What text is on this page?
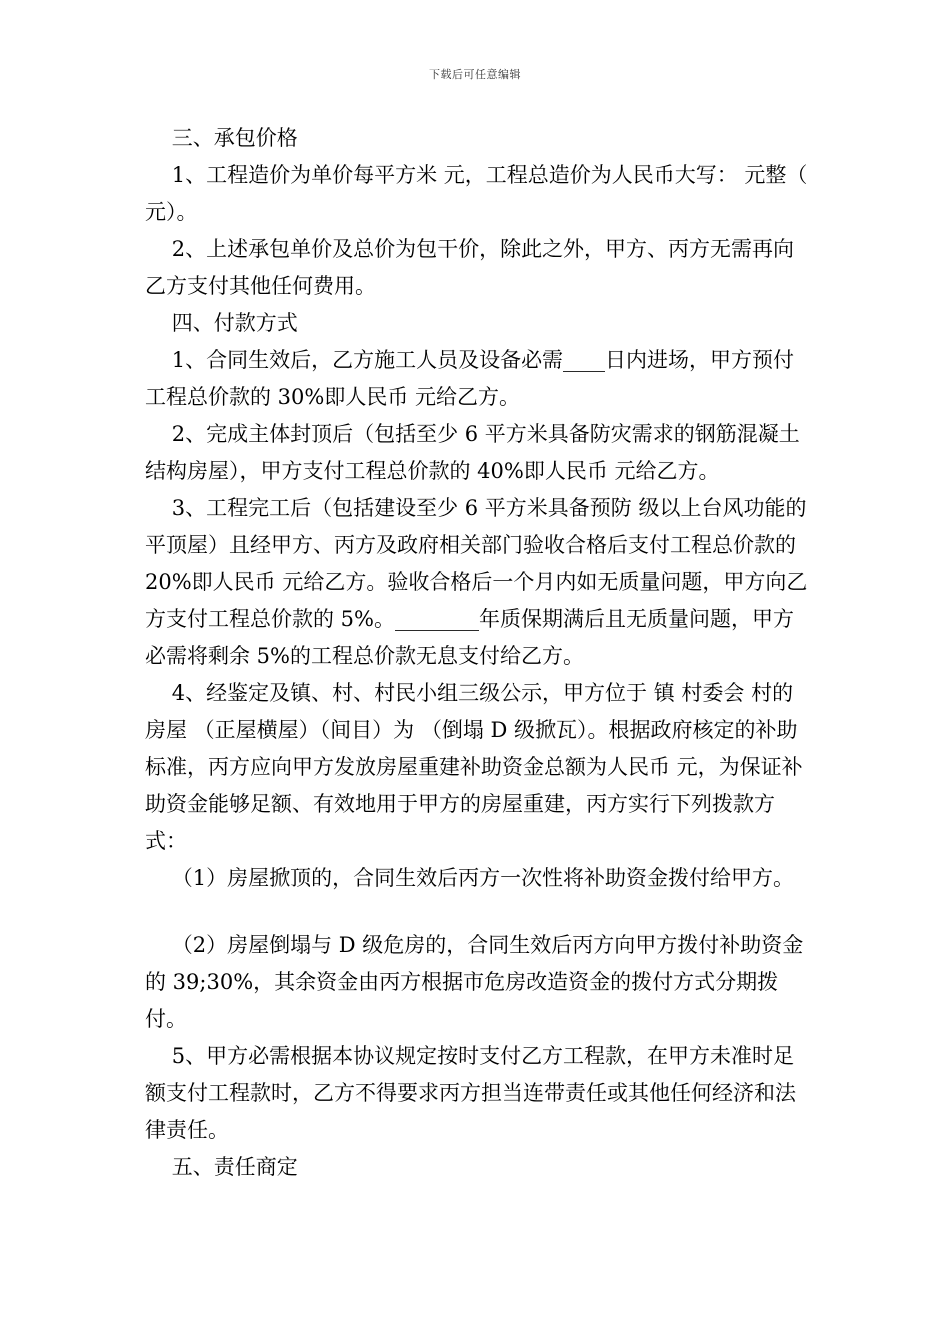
下载后可任意编辑

三、承包价格

1、工程造价为单价每平方米 元，工程总造价为人民币大写： 元整（ 元）。

2、上述承包单价及总价为包干价，除此之外，甲方、丙方无需再向乙方支付其他任何费用。

四、付款方式

1、合同生效后，乙方施工人员及设备必需____日内进场，甲方预付工程总价款的 30%即人民币 元给乙方。

2、完成主体封顶后（包括至少 6 平方米具备防灾需求的钢筋混凝土结构房屋），甲方支付工程总价款的 40%即人民币 元给乙方。

3、工程完工后（包括建设至少 6 平方米具备预防 级以上台风功能的平顶屋）且经甲方、丙方及政府相关部门验收合格后支付工程总价款的 20%即人民币 元给乙方。验收合格后一个月内如无质量问题，甲方向乙方支付工程总价款的 5%。________年质保期满后且无质量问题，甲方必需将剩余 5%的工程总价款无息支付给乙方。

4、经鉴定及镇、村、村民小组三级公示，甲方位于 镇 村委会 村的房屋 （正屋横屋）（间目）为 （倒塌 D 级掀瓦）。根据政府核定的补助标准，丙方应向甲方发放房屋重建补助资金总额为人民币 元，为保证补助资金能够足额、有效地用于甲方的房屋重建，丙方实行下列拨款方式：

（1）房屋掀顶的，合同生效后丙方一次性将补助资金拨付给甲方。

（2）房屋倒塌与 D 级危房的，合同生效后丙方向甲方拨付补助资金的 39;30%，其余资金由丙方根据市危房改造资金的拨付方式分期拨付。

5、甲方必需根据本协议规定按时支付乙方工程款，在甲方未准时足额支付工程款时，乙方不得要求丙方担当连带责任或其他任何经济和法律责任。

五、责任商定
